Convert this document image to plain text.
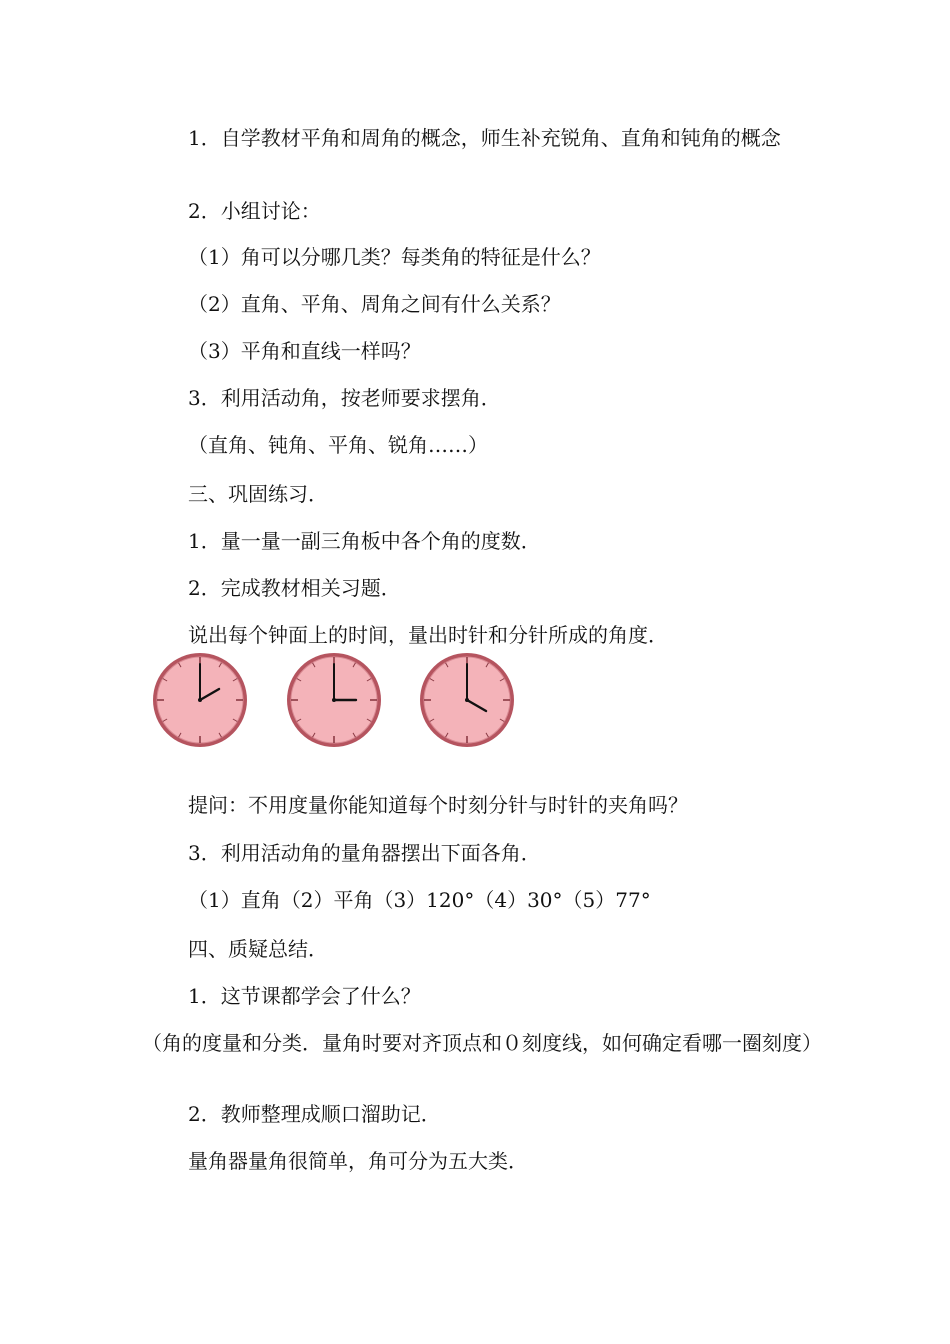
1．自学教材平角和周角的概念，师生补充锐角、直角和钝角的概念
2．小组讨论：
（1）角可以分哪几类？每类角的特征是什么？
（2）直角、平角、周角之间有什么关系？
（3）平角和直线一样吗？
3．利用活动角，按老师要求摆角．
（直角、钝角、平角、锐角……）
三、巩固练习．
1．量一量一副三角板中各个角的度数．
2．完成教材相关习题．
说出每个钟面上的时间，量出时针和分针所成的角度．
提问：不用度量你能知道每个时刻分针与时针的夹角吗？
3．利用活动角的量角器摆出下面各角．
（1）直角（2）平角（3）120°（4）30°（5）77°
四、质疑总结．
1．这节课都学会了什么？
（角的度量和分类．量角时要对齐顶点和０刻度线，如何确定看哪一圈刻度）
2．教师整理成顺口溜助记．
量角器量角很简单，角可分为五大类．
